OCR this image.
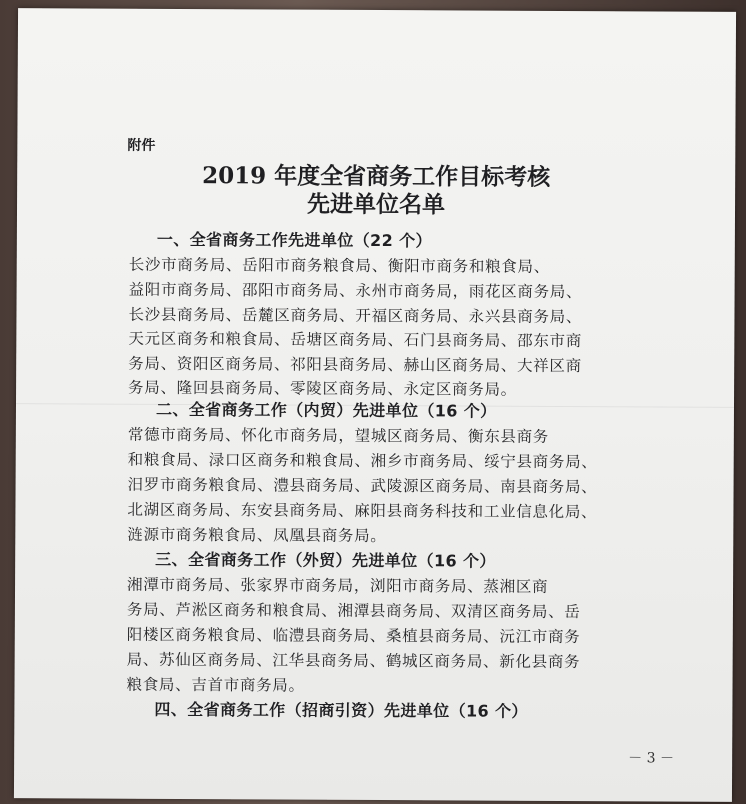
附件
2019 年度全省商务工作目标考核
先进单位名单
一、全省商务工作先进单位（22 个）
长沙市商务局、岳阳市商务粮食局、衡阳市商务和粮食局、
益阳市商务局、邵阳市商务局、永州市商务局，雨花区商务局、
长沙县商务局、岳麓区商务局、开福区商务局、永兴县商务局、
天元区商务和粮食局、岳塘区商务局、石门县商务局、邵东市商
务局、资阳区商务局、祁阳县商务局、赫山区商务局、大祥区商
务局、隆回县商务局、零陵区商务局、永定区商务局。
二、全省商务工作（内贸）先进单位（16 个）
常德市商务局、怀化市商务局，望城区商务局、衡东县商务
和粮食局、渌口区商务和粮食局、湘乡市商务局、绥宁县商务局、
汨罗市商务粮食局、澧县商务局、武陵源区商务局、南县商务局、
北湖区商务局、东安县商务局、麻阳县商务科技和工业信息化局、
涟源市商务粮食局、凤凰县商务局。
三、全省商务工作（外贸）先进单位（16 个）
湘潭市商务局、张家界市商务局，浏阳市商务局、蒸湘区商
务局、芦淞区商务和粮食局、湘潭县商务局、双清区商务局、岳
阳楼区商务粮食局、临澧县商务局、桑植县商务局、沅江市商务
局、苏仙区商务局、江华县商务局、鹤城区商务局、新化县商务
粮食局、吉首市商务局。
四、全省商务工作（招商引资）先进单位（16 个）
－ 3 －
